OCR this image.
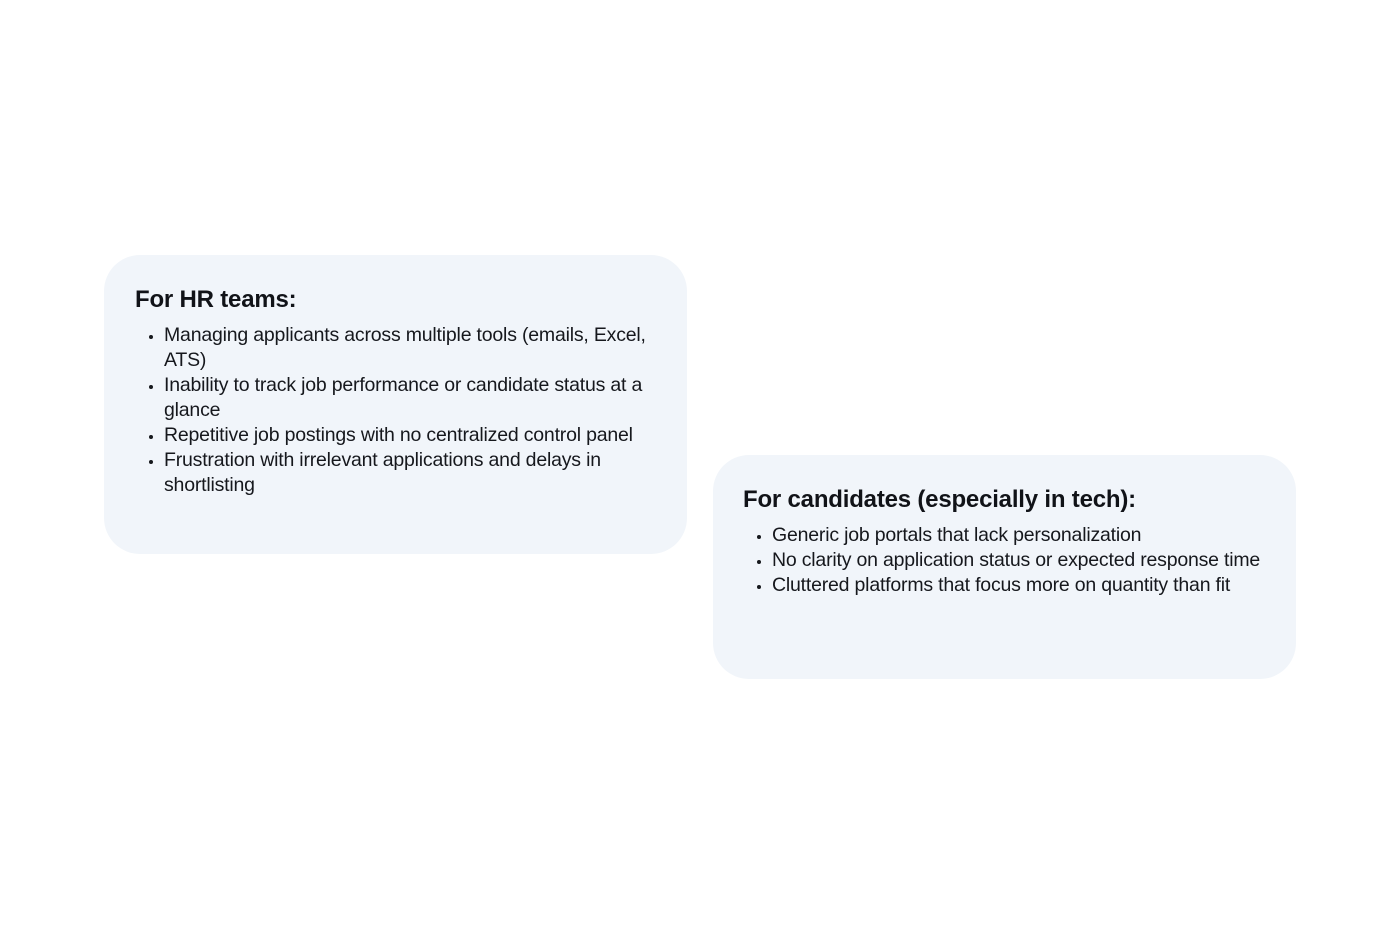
For HR teams:
• Managing applicants across multiple tools (emails, Excel, ATS)
• Inability to track job performance or candidate status at a glance
• Repetitive job postings with no centralized control panel
• Frustration with irrelevant applications and delays in shortlisting
For candidates (especially in tech):
• Generic job portals that lack personalization
• No clarity on application status or expected response time
• Cluttered platforms that focus more on quantity than fit
